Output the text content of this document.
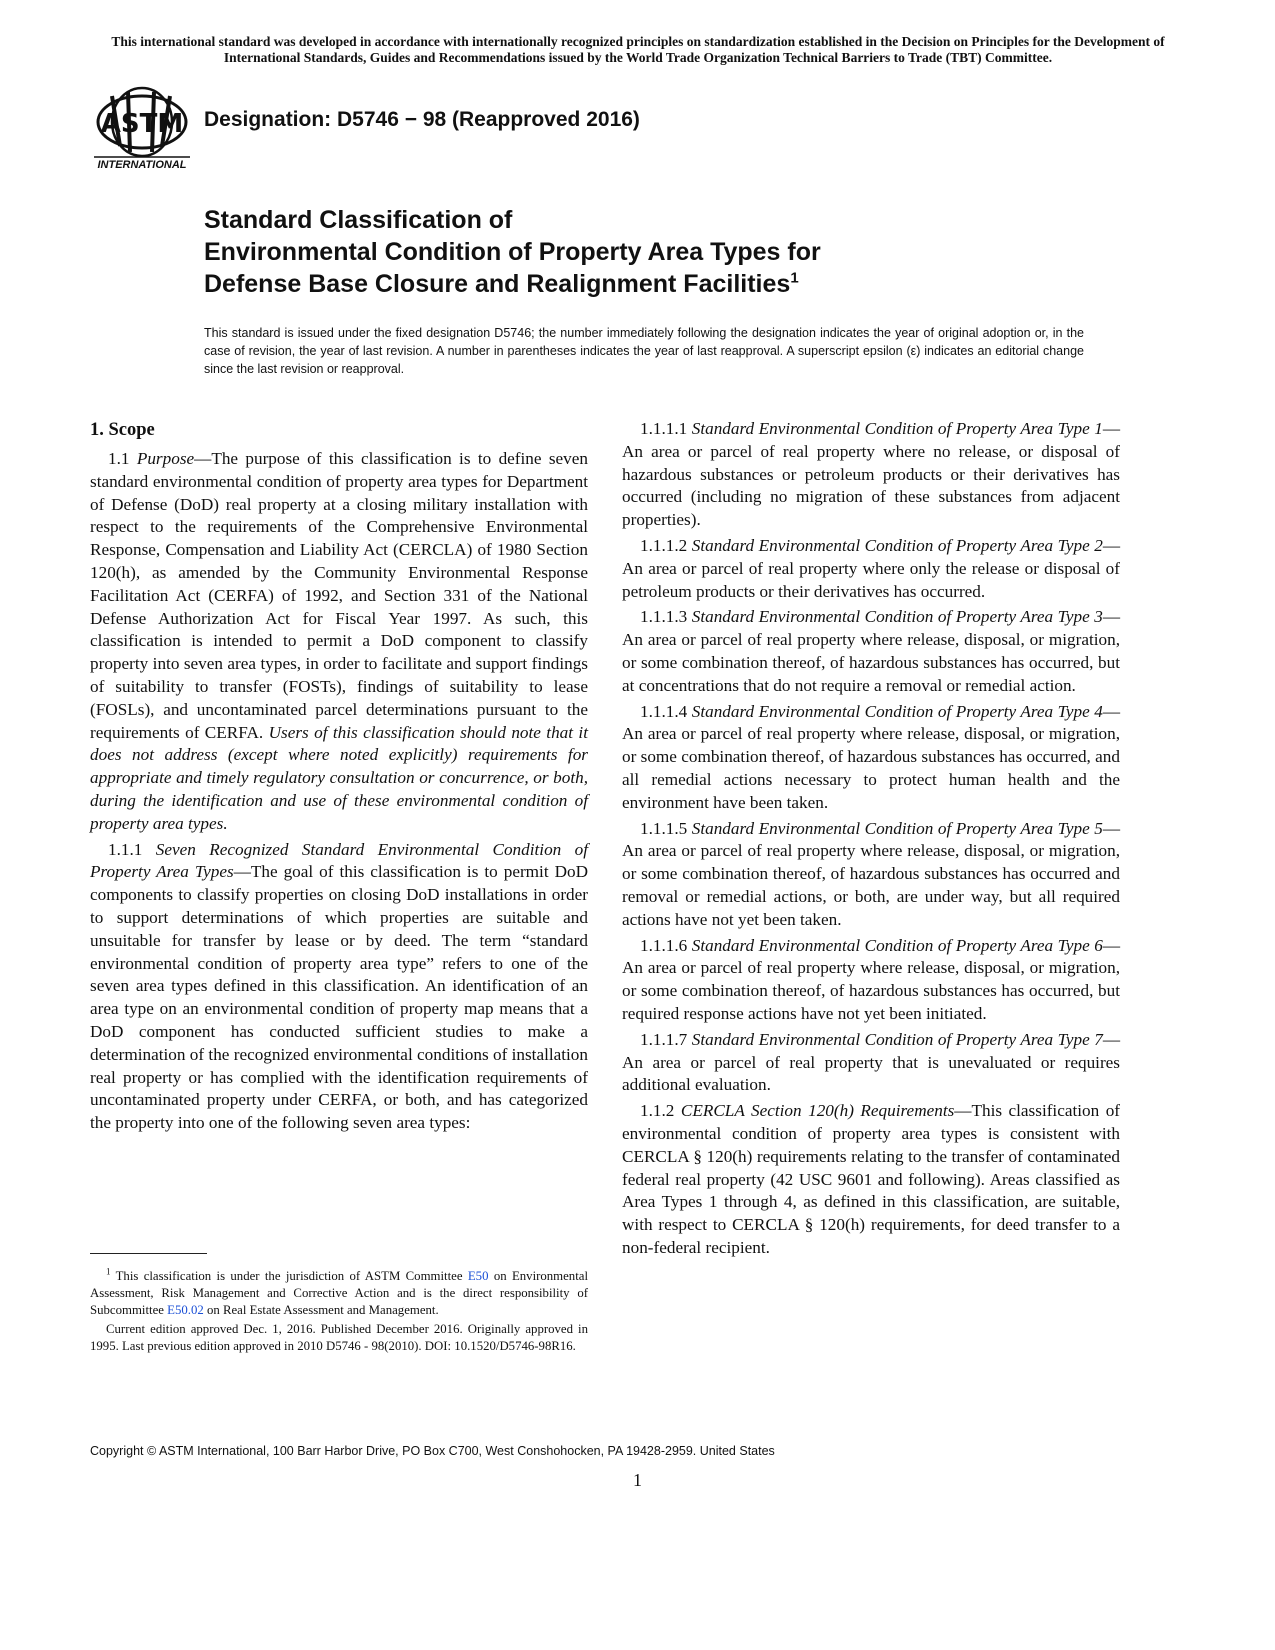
This international standard was developed in accordance with internationally recognized principles on standardization established in the Decision on Principles for the Development of International Standards, Guides and Recommendations issued by the World Trade Organization Technical Barriers to Trade (TBT) Committee.
ASTM
INTERNATIONAL
Designation: D5746 − 98 (Reapproved 2016)
Standard Classification of
Environmental Condition of Property Area Types for
Defense Base Closure and Realignment Facilities$^1$
This standard is issued under the fixed designation D5746; the number immediately following the designation indicates the year of original adoption or, in the case of revision, the year of last revision. A number in parentheses indicates the year of last reapproval. A superscript epsilon (ε) indicates an editorial change since the last revision or reapproval.
1. Scope

1.1 Purpose—The purpose of this classification is to define seven standard environmental condition of property area types for Department of Defense (DoD) real property at a closing military installation with respect to the requirements of the Comprehensive Environmental Response, Compensation and Liability Act (CERCLA) of 1980 Section 120(h), as amended by the Community Environmental Response Facilitation Act (CERFA) of 1992, and Section 331 of the National Defense Authorization Act for Fiscal Year 1997. As such, this classification is intended to permit a DoD component to classify property into seven area types, in order to facilitate and support findings of suitability to transfer (FOSTs), findings of suitability to lease (FOSLs), and uncontaminated parcel determinations pursuant to the requirements of CERFA. Users of this classification should note that it does not address (except where noted explicitly) requirements for appropriate and timely regulatory consultation or concurrence, or both, during the identification and use of these environmental condition of property area types.

1.1.1 Seven Recognized Standard Environmental Condition of Property Area Types—The goal of this classification is to permit DoD components to classify properties on closing DoD installations in order to support determinations of which properties are suitable and unsuitable for transfer by lease or by deed. The term “standard environmental condition of property area type” refers to one of the seven area types defined in this classification. An identification of an area type on an environmental condition of property map means that a DoD component has conducted sufficient studies to make a determination of the recognized environmental conditions of installation real property or has complied with the identification requirements of uncontaminated property under CERFA, or both, and has categorized the property into one of the following seven area types:

1.1.1.1 Standard Environmental Condition of Property Area Type 1—An area or parcel of real property where no release, or disposal of hazardous substances or petroleum products or their derivatives has occurred (including no migration of these substances from adjacent properties).

1.1.1.2 Standard Environmental Condition of Property Area Type 2—An area or parcel of real property where only the release or disposal of petroleum products or their derivatives has occurred.

1.1.1.3 Standard Environmental Condition of Property Area Type 3—An area or parcel of real property where release, disposal, or migration, or some combination thereof, of hazardous substances has occurred, but at concentrations that do not require a removal or remedial action.

1.1.1.4 Standard Environmental Condition of Property Area Type 4—An area or parcel of real property where release, disposal, or migration, or some combination thereof, of hazardous substances has occurred, and all remedial actions necessary to protect human health and the environment have been taken.

1.1.1.5 Standard Environmental Condition of Property Area Type 5—An area or parcel of real property where release, disposal, or migration, or some combination thereof, of hazardous substances has occurred and removal or remedial actions, or both, are under way, but all required actions have not yet been taken.

1.1.1.6 Standard Environmental Condition of Property Area Type 6—An area or parcel of real property where release, disposal, or migration, or some combination thereof, of hazardous substances has occurred, but required response actions have not yet been initiated.

1.1.1.7 Standard Environmental Condition of Property Area Type 7—An area or parcel of real property that is unevaluated or requires additional evaluation.

1.1.2 CERCLA Section 120(h) Requirements—This classification of environmental condition of property area types is consistent with CERCLA § 120(h) requirements relating to the transfer of contaminated federal real property (42 USC 9601 and following). Areas classified as Area Types 1 through 4, as defined in this classification, are suitable, with respect to CERCLA § 120(h) requirements, for deed transfer to a non-federal recipient.

$^1$ This classification is under the jurisdiction of ASTM Committee E50 on Environmental Assessment, Risk Management and Corrective Action and is the direct responsibility of Subcommittee E50.02 on Real Estate Assessment and Management.

Current edition approved Dec. 1, 2016. Published December 2016. Originally approved in 1995. Last previous edition approved in 2010 D5746 - 98(2010). DOI: 10.1520/D5746-98R16.

Copyright © ASTM International, 100 Barr Harbor Drive, PO Box C700, West Conshohocken, PA 19428-2959. United States
1
